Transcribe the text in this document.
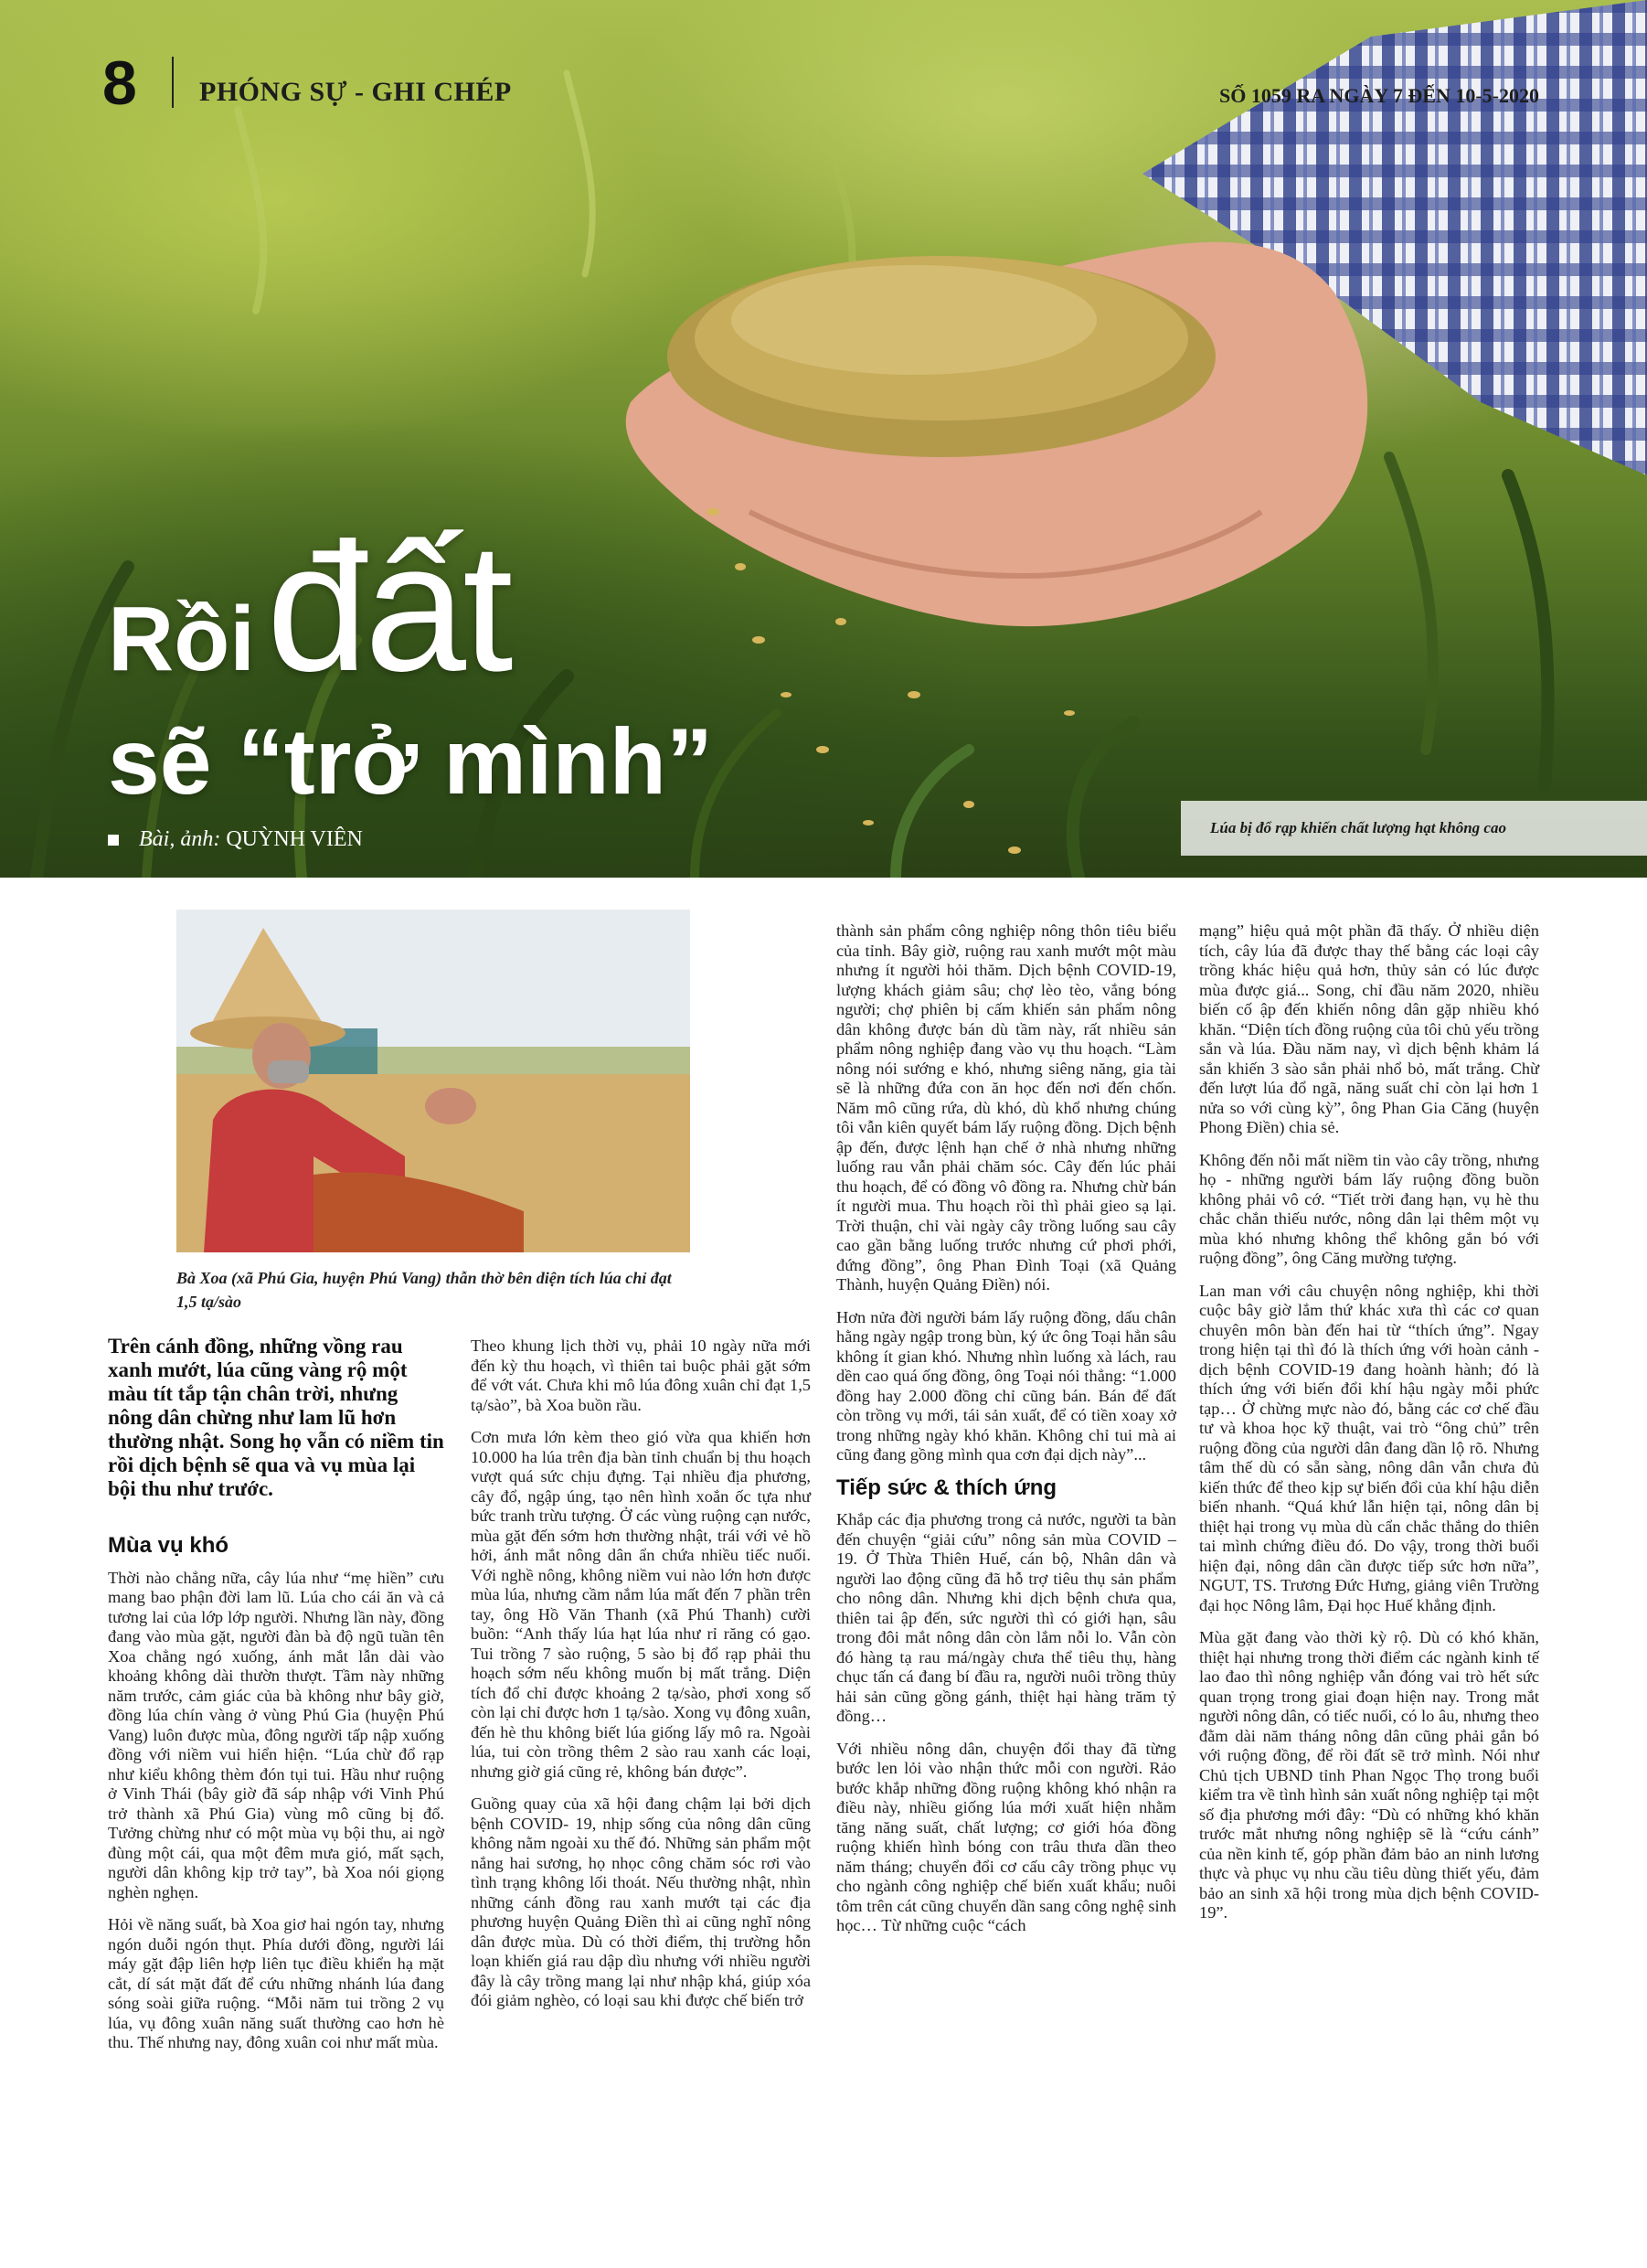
8 PHÓNG SỰ - GHI CHÉP	SỐ 1059 RA NGÀY 7 ĐẾN 10-5-2020
Rồi đất
sẽ “trở mình”
Bài, ảnh: QUỲNH VIÊN	Lúa bị đổ rạp khiến chất lượng hạt không cao
Bà Xoa (xã Phú Gia, huyện Phú Vang) thẫn thờ bên diện tích lúa chỉ đạt 1,5 tạ/sào

Trên cánh đồng, những vồng rau xanh mướt, lúa cũng vàng rộ một màu tít tắp tận chân trời, nhưng nông dân chừng như lam lũ hơn thường nhật. Song họ vẫn có niềm tin rồi dịch bệnh sẽ qua và vụ mùa lại bội thu như trước.

Mùa vụ khó

Thời nào chẳng nữa, cây lúa như “mẹ hiền” cưu mang bao phận đời lam lũ. Lúa cho cái ăn và cả tương lai của lớp lớp người. Nhưng lần này, đồng đang vào mùa gặt, người đàn bà độ ngũ tuần tên Xoa chẳng ngó xuống, ánh mắt lẫn dài vào khoảng không dài thườn thượt. Tầm này những năm trước, cảm giác của bà không như bây giờ, đồng lúa chín vàng ở vùng Phú Gia (huyện Phú Vang) luôn được mùa, đông người tấp nập xuống đồng với niềm vui hiển hiện. “Lúa chừ đổ rạp như kiểu không thèm đón tụi tui. Hầu như ruộng ở Vinh Thái (bây giờ đã sáp nhập với Vinh Phú trở thành xã Phú Gia) vùng mô cũng bị đổ. Tưởng chừng như có một mùa vụ bội thu, ai ngờ đùng một cái, qua một đêm mưa gió, mất sạch, người dân không kịp trở tay”, bà Xoa nói giọng nghèn nghẹn.

Hỏi về năng suất, bà Xoa giơ hai ngón tay, nhưng ngón duỗi ngón thụt. Phía dưới đồng, người lái máy gặt đập liên hợp liên tục điều khiển hạ mặt cắt, dí sát mặt đất để cứu những nhánh lúa đang sóng soài giữa ruộng. “Mỗi năm tui trồng 2 vụ lúa, vụ đông xuân năng suất thường cao hơn hè thu. Thế nhưng nay, đông xuân coi như mất mùa.

Theo khung lịch thời vụ, phải 10 ngày nữa mới đến kỳ thu hoạch, vì thiên tai buộc phải gặt sớm để vớt vát. Chưa khi mô lúa đông xuân chỉ đạt 1,5 tạ/sào”, bà Xoa buồn rầu.

Cơn mưa lớn kèm theo gió vừa qua khiến hơn 10.000 ha lúa trên địa bàn tỉnh chuẩn bị thu hoạch vượt quá sức chịu đựng. Tại nhiều địa phương, cây đổ, ngập úng, tạo nên hình xoắn ốc tựa như bức tranh trừu tượng. Ở các vùng ruộng cạn nước, mùa gặt đến sớm hơn thường nhật, trái với vẻ hồ hởi, ánh mắt nông dân ẩn chứa nhiều tiếc nuối. Với nghề nông, không niềm vui nào lớn hơn được mùa lúa, nhưng cầm nắm lúa mất đến 7 phần trên tay, ông Hồ Văn Thanh (xã Phú Thanh) cười buồn: “Anh thấy lúa hạt lúa như rỉ răng có gạo. Tui trồng 7 sào ruộng, 5 sào bị đổ rạp phải thu hoạch sớm nếu không muốn bị mất trắng. Diện tích đổ chỉ được khoảng 2 tạ/sào, phơi xong số còn lại chỉ được hơn 1 tạ/sào. Xong vụ đông xuân, đến hè thu không biết lúa giống lấy mô ra. Ngoài lúa, tui còn trồng thêm 2 sào rau xanh các loại, nhưng giờ giá cũng rẻ, không bán được”.

Guồng quay của xã hội đang chậm lại bởi dịch bệnh COVID- 19, nhịp sống của nông dân cũng không nằm ngoài xu thế đó. Những sản phẩm một nắng hai sương, họ nhọc công chăm sóc rơi vào tình trạng không lối thoát. Nếu thường nhật, nhìn những cánh đồng rau xanh mướt tại các địa phương huyện Quảng Điền thì ai cũng nghĩ nông dân được mùa. Dù có thời điểm, thị trường hỗn loạn khiến giá rau dập dìu nhưng với nhiều người đây là cây trồng mang lại như nhập khá, giúp xóa đói giảm nghèo, có loại sau khi được chế biến trở

thành sản phẩm công nghiệp nông thôn tiêu biểu của tỉnh. Bây giờ, ruộng rau xanh mướt một màu nhưng ít người hỏi thăm. Dịch bệnh COVID-19, lượng khách giảm sâu; chợ lèo tèo, vắng bóng người; chợ phiên bị cấm khiến sản phẩm nông dân không được bán dù tầm này, rất nhiều sản phẩm nông nghiệp đang vào vụ thu hoạch. “Làm nông nói sướng e khó, nhưng siêng năng, gia tài sẽ là những đứa con ăn học đến nơi đến chốn. Năm mô cũng rứa, dù khó, dù khổ nhưng chúng tôi vẫn kiên quyết bám lấy ruộng đồng. Dịch bệnh ập đến, được lệnh hạn chế ở nhà nhưng những luống rau vẫn phải chăm sóc. Cây đến lúc phải thu hoạch, để có đồng vô đồng ra. Nhưng chừ bán ít người mua. Thu hoạch rồi thì phải gieo sạ lại. Trời thuận, chỉ vài ngày cây trồng luống sau cây cao gần bằng luống trước nhưng cứ phơi phới, đứng đồng”, ông Phan Đình Toại (xã Quảng Thành, huyện Quảng Điền) nói.

Hơn nửa đời người bám lấy ruộng đồng, dấu chân hằng ngày ngập trong bùn, ký ức ông Toại hẳn sâu không ít gian khó. Nhưng nhìn luống xà lách, rau dền cao quá ống đồng, ông Toại nói thẳng: “1.000 đồng hay 2.000 đồng chỉ cũng bán. Bán để đất còn trồng vụ mới, tái sản xuất, để có tiền xoay xở trong những ngày khó khăn. Không chỉ tui mà ai cũng đang gồng mình qua cơn đại dịch này”...

Tiếp sức & thích ứng

Khắp các địa phương trong cả nước, người ta bàn đến chuyện “giải cứu” nông sản mùa COVID – 19. Ở Thừa Thiên Huế, cán bộ, Nhân dân và người lao động cũng đã hỗ trợ tiêu thụ sản phẩm cho nông dân. Nhưng khi dịch bệnh chưa qua, thiên tai ập đến, sức người thì có giới hạn, sâu trong đôi mắt nông dân còn lắm nỗi lo. Vẫn còn đó hàng tạ rau má/ngày chưa thể tiêu thụ, hàng chục tấn cá đang bí đầu ra, người nuôi trồng thủy hải sản cũng gồng gánh, thiệt hại hàng trăm tỷ đồng…

Với nhiều nông dân, chuyện đổi thay đã từng bước len lỏi vào nhận thức mỗi con người. Rảo bước khắp những đồng ruộng không khó nhận ra điều này, nhiều giống lúa mới xuất hiện nhằm tăng năng suất, chất lượng; cơ giới hóa đồng ruộng khiến hình bóng con trâu thưa dần theo năm tháng; chuyển đổi cơ cấu cây trồng phục vụ cho ngành công nghiệp chế biến xuất khẩu; nuôi tôm trên cát cũng chuyển dần sang công nghệ sinh học… Từ những cuộc “cách

mạng” hiệu quả một phần đã thấy. Ở nhiều diện tích, cây lúa đã được thay thế bằng các loại cây trồng khác hiệu quả hơn, thủy sản có lúc được mùa được giá... Song, chỉ đầu năm 2020, nhiều biến cố ập đến khiến nông dân gặp nhiều khó khăn. “Diện tích đồng ruộng của tôi chủ yếu trồng sắn và lúa. Đầu năm nay, vì dịch bệnh khảm lá sắn khiến 3 sào sắn phải nhổ bỏ, mất trắng. Chừ đến lượt lúa đổ ngã, năng suất chỉ còn lại hơn 1 nửa so với cùng kỳ”, ông Phan Gia Căng (huyện Phong Điền) chia sẻ.

Không đến nỗi mất niềm tin vào cây trồng, nhưng họ - những người bám lấy ruộng đồng buồn không phải vô cớ. “Tiết trời đang hạn, vụ hè thu chắc chắn thiếu nước, nông dân lại thêm một vụ mùa khó nhưng không thể không gắn bó với ruộng đồng”, ông Căng mường tượng.

Lan man với câu chuyện nông nghiệp, khi thời cuộc bây giờ lắm thứ khác xưa thì các cơ quan chuyên môn bàn đến hai từ “thích ứng”. Ngay trong hiện tại thì đó là thích ứng với hoàn cảnh - dịch bệnh COVID-19 đang hoành hành; đó là thích ứng với biến đổi khí hậu ngày mỗi phức tạp… Ở chừng mực nào đó, bằng các cơ chế đầu tư và khoa học kỹ thuật, vai trò “ông chủ” trên ruộng đồng của người dân đang dần lộ rõ. Nhưng tâm thế dù có sẵn sàng, nông dân vẫn chưa đủ kiến thức để theo kịp sự biến đổi của khí hậu diễn biến nhanh. “Quá khứ lẫn hiện tại, nông dân bị thiệt hại trong vụ mùa dù cẩn chắc thắng do thiên tai mình chứng điều đó. Do vậy, trong thời buổi hiện đại, nông dân cần được tiếp sức hơn nữa”, NGUT, TS. Trương Đức Hưng, giảng viên Trường đại học Nông lâm, Đại học Huế khẳng định.

Mùa gặt đang vào thời kỳ rộ. Dù có khó khăn, thiệt hại nhưng trong thời điểm các ngành kinh tế lao đao thì nông nghiệp vẫn đóng vai trò hết sức quan trọng trong giai đoạn hiện nay. Trong mắt người nông dân, có tiếc nuối, có lo âu, nhưng theo đằm dài năm tháng nông dân cũng phải gắn bó với ruộng đồng, để rồi đất sẽ trở mình. Nói như Chủ tịch UBND tỉnh Phan Ngọc Thọ trong buổi kiểm tra về tình hình sản xuất nông nghiệp tại một số địa phương mới đây: “Dù có những khó khăn trước mắt nhưng nông nghiệp sẽ là “cứu cánh” của nền kinh tế, góp phần đảm bảo an ninh lương thực và phục vụ nhu cầu tiêu dùng thiết yếu, đảm bảo an sinh xã hội trong mùa dịch bệnh COVID-19”.
